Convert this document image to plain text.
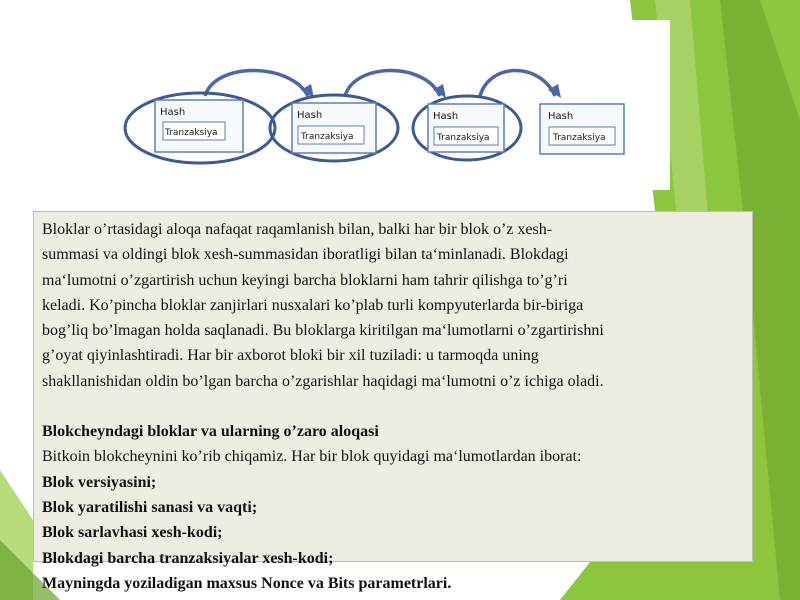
Hash
Tranzaksiya
Hash
Tranzaksiya
Hash
Tranzaksiya
Hash
Tranzaksiya

Bloklar o’rtasidagi aloqa nafaqat raqamlanish bilan, balki har bir blok o’z xesh-

summasi va oldingi blok xesh-summasidan iboratligi bilan ta‘minlanadi. Blokdagi

ma‘lumotni o’zgartirish uchun keyingi barcha bloklarni ham tahrir qilishga to’g’ri

keladi. Ko’pincha bloklar zanjirlari nusxalari ko’plab turli kompyuterlarda bir-biriga

bog’liq bo’lmagan holda saqlanadi. Bu bloklarga kiritilgan ma‘lumotlarni o’zgartirishni

g’oyat qiyinlashtiradi. Har bir axborot bloki bir xil tuziladi: u tarmoqda uning

shakllanishidan oldin bo’lgan barcha o’zgarishlar haqidagi ma‘lumotni o’z ichiga oladi.

Blokcheyndagi bloklar va ularning o’zaro aloqasi

Bitkoin blokcheynini ko’rib chiqamiz. Har bir blok quyidagi ma‘lumotlardan iborat:

Blok versiyasini;

Blok yaratilishi sanasi va vaqti;

Blok sarlavhasi xesh-kodi;

Blokdagi barcha tranzaksiyalar xesh-kodi;

Mayningda yoziladigan maxsus Nonce va Bits parametrlari.
